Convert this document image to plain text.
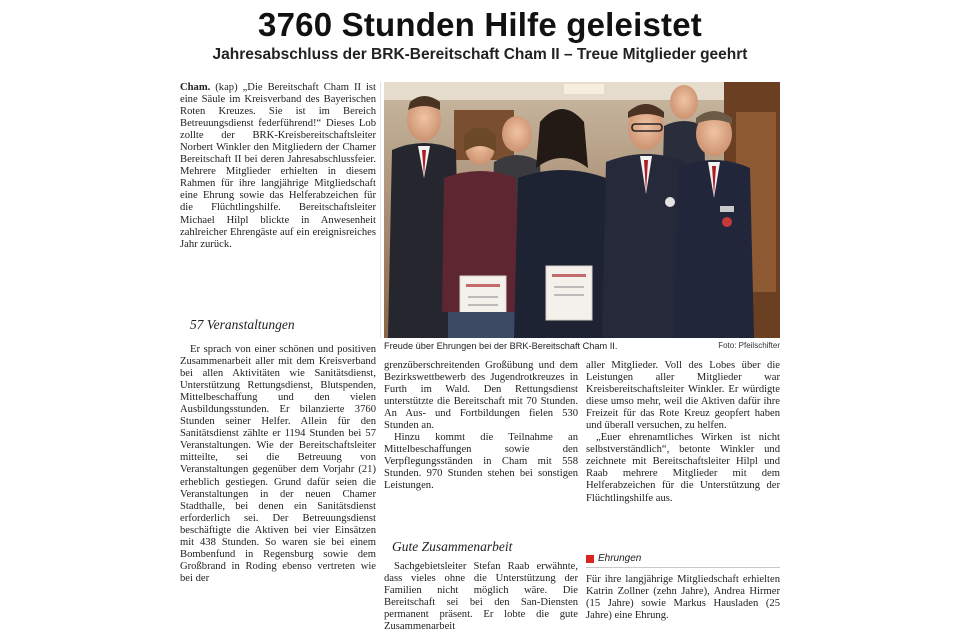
3760 Stunden Hilfe geleistet
Jahresabschluss der BRK-Bereitschaft Cham II – Treue Mitglieder geehrt

Cham. (kap) „Die Bereitschaft Cham II ist eine Säule im Kreisverband des Bayerischen Roten Kreuzes. Sie ist im Bereich Betreuungsdienst federführend!“ Dieses Lob zollte der BRK-Kreisbereitschaftsleiter Norbert Winkler den Mitgliedern der Chamer Bereitschaft II bei deren Jahresabschlussfeier. Mehrere Mitglieder erhielten in diesem Rahmen für ihre langjährige Mitgliedschaft eine Ehrung sowie das Helferabzeichen für die Flüchtlingshilfe. Bereitschaftsleiter Michael Hilpl blickte in Anwesenheit zahlreicher Ehrengäste auf ein ereignisreiches Jahr zurück.

57 Veranstaltungen

Er sprach von einer schönen und positiven Zusammenarbeit aller mit dem Kreisverband bei allen Aktivitäten wie Sanitätsdienst, Unterstützung Rettungsdienst, Blutspenden, Mittelbeschaffung und den vielen Ausbildungsstunden. Er bilanzierte 3760 Stunden seiner Helfer. Allein für den Sanitätsdienst zählte er 1194 Stunden bei 57 Veranstaltungen. Wie der Bereitschaftsleiter mitteilte, sei die Betreuung von Veranstaltungen gegenüber dem Vorjahr (21) erheblich gestiegen. Grund dafür seien die Veranstaltungen in der neuen Chamer Stadthalle, bei denen ein Sanitätsdienst erforderlich sei. Der Betreuungsdienst beschäftigte die Aktiven bei vier Einsätzen mit 438 Stunden. So waren sie bei einem Bombenfund in Regensburg sowie dem Großbrand in Roding ebenso vertreten wie bei der

Freude über Ehrungen bei der BRK-Bereitschaft Cham II.	Foto: Pfeilschifter

grenzüberschreitenden Großübung und dem Bezirkswettbewerb des Jugendrotkreuzes in Furth im Wald. Den Rettungsdienst unterstützte die Bereitschaft mit 70 Stunden. An Aus- und Fortbildungen fielen 530 Stunden an.

Hinzu kommt die Teilnahme an Mittelbeschaffungen sowie den Verpflegungsständen in Cham mit 558 Stunden. 970 Stunden stehen bei sonstigen Leistungen.

Gute Zusammenarbeit

Sachgebietsleiter Stefan Raab erwähnte, dass vieles ohne die Unterstützung der Familien nicht möglich wäre. Die Bereitschaft sei bei den San-Diensten permanent präsent. Er lobte die gute Zusammenarbeit

aller Mitglieder. Voll des Lobes über die Leistungen aller Mitglieder war Kreisbereitschaftsleiter Winkler. Er würdigte diese umso mehr, weil die Aktiven dafür ihre Freizeit für das Rote Kreuz geopfert haben und überall versuchen, zu helfen.

„Euer ehrenamtliches Wirken ist nicht selbstverständlich“, betonte Winkler und zeichnete mit Bereitschaftsleiter Hilpl und Raab mehrere Mitglieder mit dem Helferabzeichen für die Unterstützung der Flüchtlingshilfe aus.

Ehrungen

Für ihre langjährige Mitgliedschaft erhielten Katrin Zollner (zehn Jahre), Andrea Hirmer (15 Jahre) sowie Markus Hausladen (25 Jahre) eine Ehrung.
